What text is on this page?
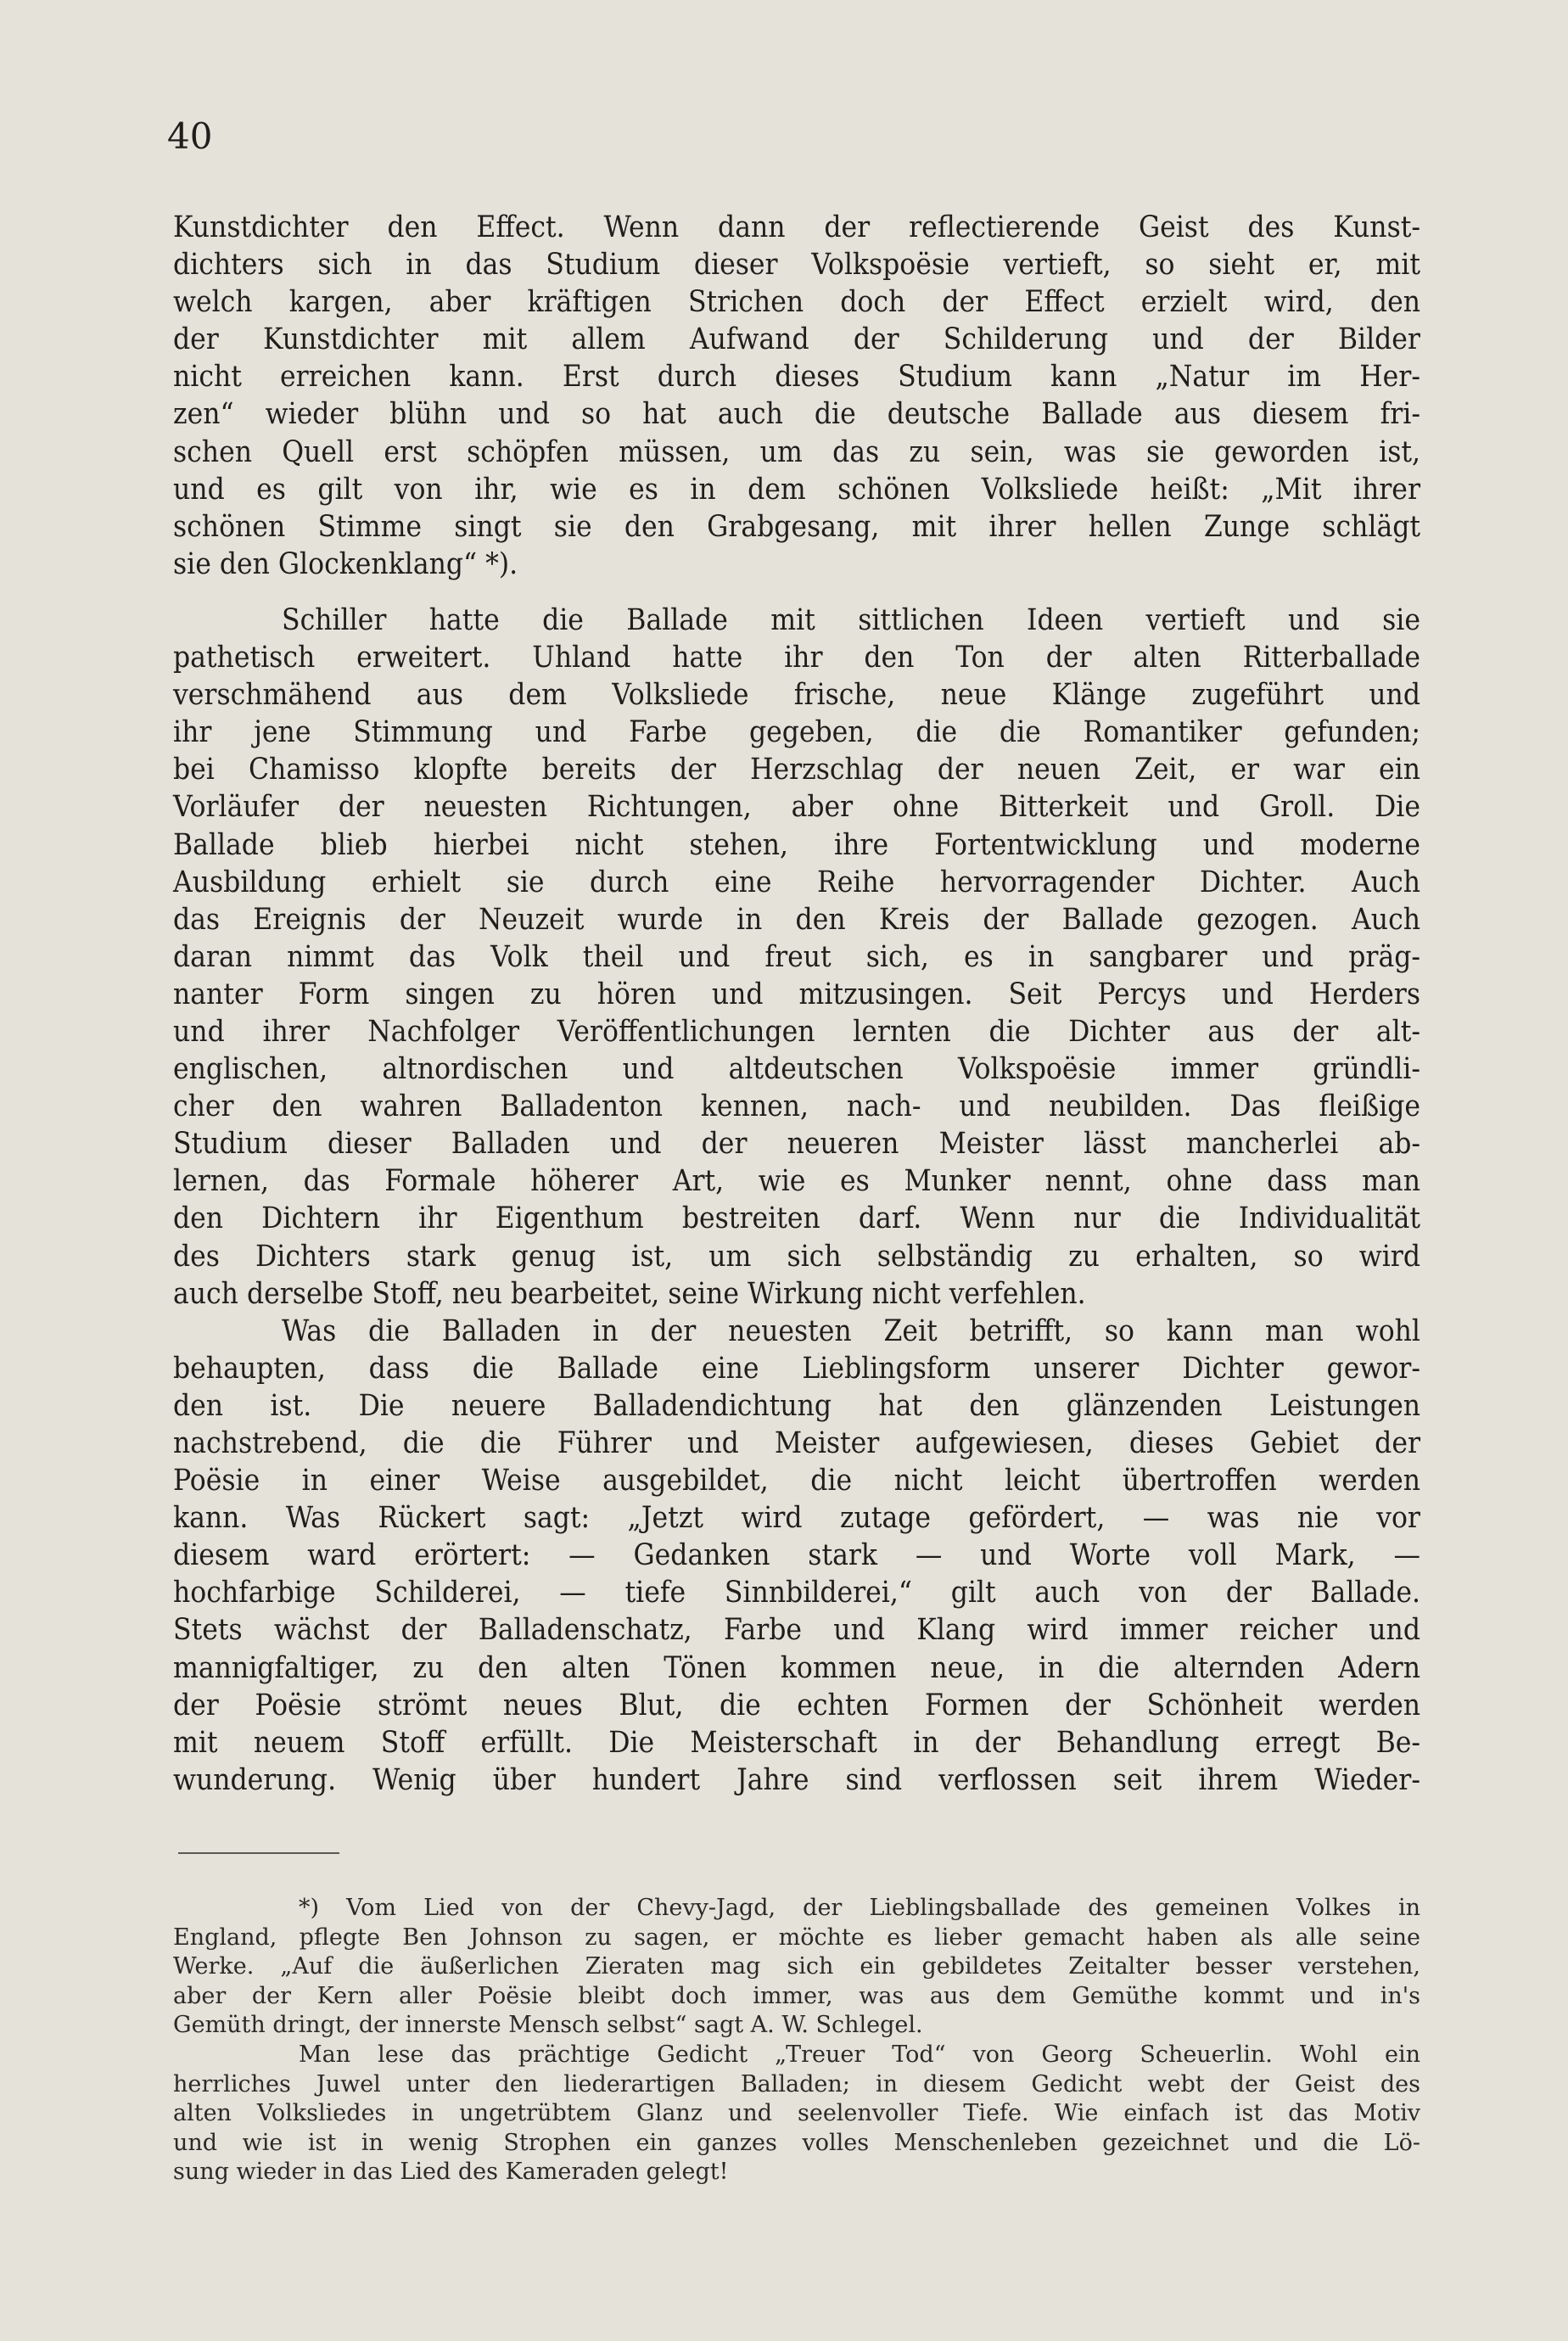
40
Kunstdichter den Effect. Wenn dann der reflectierende Geist des Kunst-
dichters sich in das Studium dieser Volkspoësie vertieft, so sieht er, mit
welch kargen, aber kräftigen Strichen doch der Effect erzielt wird, den
der Kunstdichter mit allem Aufwand der Schilderung und der Bilder
nicht erreichen kann. Erst durch dieses Studium kann „Natur im Her-
zen“ wieder blühn und so hat auch die deutsche Ballade aus diesem fri-
schen Quell erst schöpfen müssen, um das zu sein, was sie geworden ist,
und es gilt von ihr, wie es in dem schönen Volksliede heißt: „Mit ihrer
schönen Stimme singt sie den Grabgesang, mit ihrer hellen Zunge schlägt
sie den Glockenklang“ *).
Schiller hatte die Ballade mit sittlichen Ideen vertieft und sie
pathetisch erweitert. Uhland hatte ihr den Ton der alten Ritterballade
verschmähend aus dem Volksliede frische, neue Klänge zugeführt und
ihr jene Stimmung und Farbe gegeben, die die Romantiker gefunden;
bei Chamisso klopfte bereits der Herzschlag der neuen Zeit, er war ein
Vorläufer der neuesten Richtungen, aber ohne Bitterkeit und Groll. Die
Ballade blieb hierbei nicht stehen, ihre Fortentwicklung und moderne
Ausbildung erhielt sie durch eine Reihe hervorragender Dichter. Auch
das Ereignis der Neuzeit wurde in den Kreis der Ballade gezogen. Auch
daran nimmt das Volk theil und freut sich, es in sangbarer und präg-
nanter Form singen zu hören und mitzusingen. Seit Percys und Herders
und ihrer Nachfolger Veröffentlichungen lernten die Dichter aus der alt-
englischen, altnordischen und altdeutschen Volkspoësie immer gründli-
cher den wahren Balladenton kennen, nach- und neubilden. Das fleißige
Studium dieser Balladen und der neueren Meister lässt mancherlei ab-
lernen, das Formale höherer Art, wie es Munker nennt, ohne dass man
den Dichtern ihr Eigenthum bestreiten darf. Wenn nur die Individualität
des Dichters stark genug ist, um sich selbständig zu erhalten, so wird
auch derselbe Stoff, neu bearbeitet, seine Wirkung nicht verfehlen.
Was die Balladen in der neuesten Zeit betrifft, so kann man wohl
behaupten, dass die Ballade eine Lieblingsform unserer Dichter gewor-
den ist. Die neuere Balladendichtung hat den glänzenden Leistungen
nachstrebend, die die Führer und Meister aufgewiesen, dieses Gebiet der
Poësie in einer Weise ausgebildet, die nicht leicht übertroffen werden
kann. Was Rückert sagt: „Jetzt wird zutage gefördert, — was nie vor
diesem ward erörtert: — Gedanken stark — und Worte voll Mark, —
hochfarbige Schilderei, — tiefe Sinnbilderei,“ gilt auch von der Ballade.
Stets wächst der Balladenschatz, Farbe und Klang wird immer reicher und
mannigfaltiger, zu den alten Tönen kommen neue, in die alternden Adern
der Poësie strömt neues Blut, die echten Formen der Schönheit werden
mit neuem Stoff erfüllt. Die Meisterschaft in der Behandlung erregt Be-
wunderung. Wenig über hundert Jahre sind verflossen seit ihrem Wieder-
*) Vom Lied von der Chevy-Jagd, der Lieblingsballade des gemeinen Volkes in
England, pflegte Ben Johnson zu sagen, er möchte es lieber gemacht haben als alle seine
Werke. „Auf die äußerlichen Zieraten mag sich ein gebildetes Zeitalter besser verstehen,
aber der Kern aller Poësie bleibt doch immer, was aus dem Gemüthe kommt und in's
Gemüth dringt, der innerste Mensch selbst“ sagt A. W. Schlegel.
Man lese das prächtige Gedicht „Treuer Tod“ von Georg Scheuerlin. Wohl ein
herrliches Juwel unter den liederartigen Balladen; in diesem Gedicht webt der Geist des
alten Volksliedes in ungetrübtem Glanz und seelenvoller Tiefe. Wie einfach ist das Motiv
und wie ist in wenig Strophen ein ganzes volles Menschenleben gezeichnet und die Lö-
sung wieder in das Lied des Kameraden gelegt!
